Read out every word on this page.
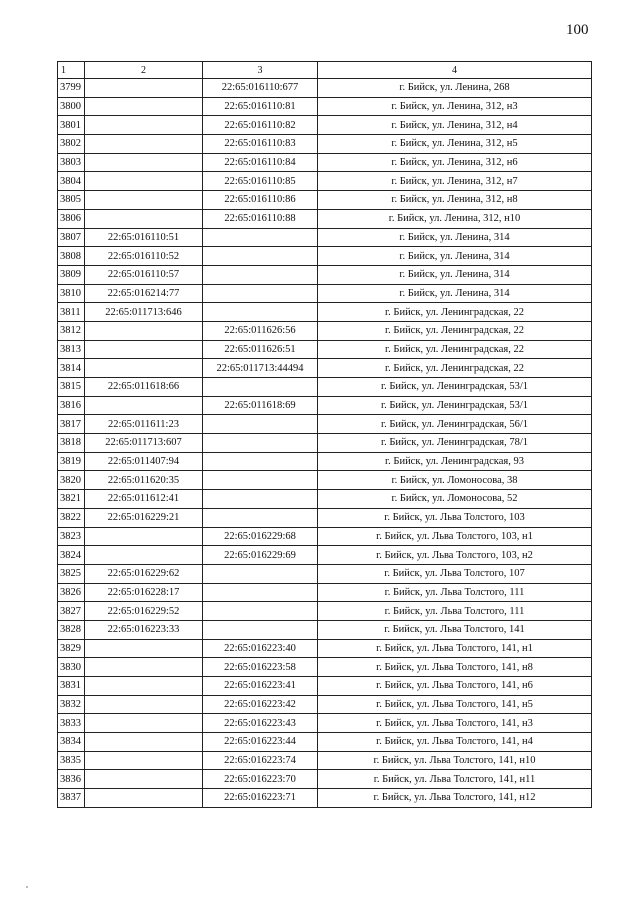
100
1	2	3	4
3799		22:65:016110:677	г. Бийск, ул. Ленина, 268
3800		22:65:016110:81	г. Бийск, ул. Ленина, 312, н3
3801		22:65:016110:82	г. Бийск, ул. Ленина, 312, н4
3802		22:65:016110:83	г. Бийск, ул. Ленина, 312, н5
3803		22:65:016110:84	г. Бийск, ул. Ленина, 312, н6
3804		22:65:016110:85	г. Бийск, ул. Ленина, 312, н7
3805		22:65:016110:86	г. Бийск, ул. Ленина, 312, н8
3806		22:65:016110:88	г. Бийск, ул. Ленина, 312, н10
3807	22:65:016110:51		г. Бийск, ул. Ленина, 314
3808	22:65:016110:52		г. Бийск, ул. Ленина, 314
3809	22:65:016110:57		г. Бийск, ул. Ленина, 314
3810	22:65:016214:77		г. Бийск, ул. Ленина, 314
3811	22:65:011713:646		г. Бийск, ул. Ленинградская, 22
3812		22:65:011626:56	г. Бийск, ул. Ленинградская, 22
3813		22:65:011626:51	г. Бийск, ул. Ленинградская, 22
3814		22:65:011713:44494	г. Бийск, ул. Ленинградская, 22
3815	22:65:011618:66		г. Бийск, ул. Ленинградская, 53/1
3816		22:65:011618:69	г. Бийск, ул. Ленинградская, 53/1
3817	22:65:011611:23		г. Бийск, ул. Ленинградская, 56/1
3818	22:65:011713:607		г. Бийск, ул. Ленинградская, 78/1
3819	22:65:011407:94		г. Бийск, ул. Ленинградская, 93
3820	22:65:011620:35		г. Бийск, ул. Ломоносова, 38
3821	22:65:011612:41		г. Бийск, ул. Ломоносова, 52
3822	22:65:016229:21		г. Бийск, ул. Льва Толстого, 103
3823		22:65:016229:68	г. Бийск, ул. Льва Толстого, 103, н1
3824		22:65:016229:69	г. Бийск, ул. Льва Толстого, 103, н2
3825	22:65:016229:62		г. Бийск, ул. Льва Толстого, 107
3826	22:65:016228:17		г. Бийск, ул. Льва Толстого, 111
3827	22:65:016229:52		г. Бийск, ул. Льва Толстого, 111
3828	22:65:016223:33		г. Бийск, ул. Льва Толстого, 141
3829		22:65:016223:40	г. Бийск, ул. Льва Толстого, 141, н1
3830		22:65:016223:58	г. Бийск, ул. Льва Толстого, 141, н8
3831		22:65:016223:41	г. Бийск, ул. Льва Толстого, 141, н6
3832		22:65:016223:42	г. Бийск, ул. Льва Толстого, 141, н5
3833		22:65:016223:43	г. Бийск, ул. Льва Толстого, 141, н3
3834		22:65:016223:44	г. Бийск, ул. Льва Толстого, 141, н4
3835		22:65:016223:74	г. Бийск, ул. Льва Толстого, 141, н10
3836		22:65:016223:70	г. Бийск, ул. Льва Толстого, 141, н11
3837		22:65:016223:71	г. Бийск, ул. Льва Толстого, 141, н12
